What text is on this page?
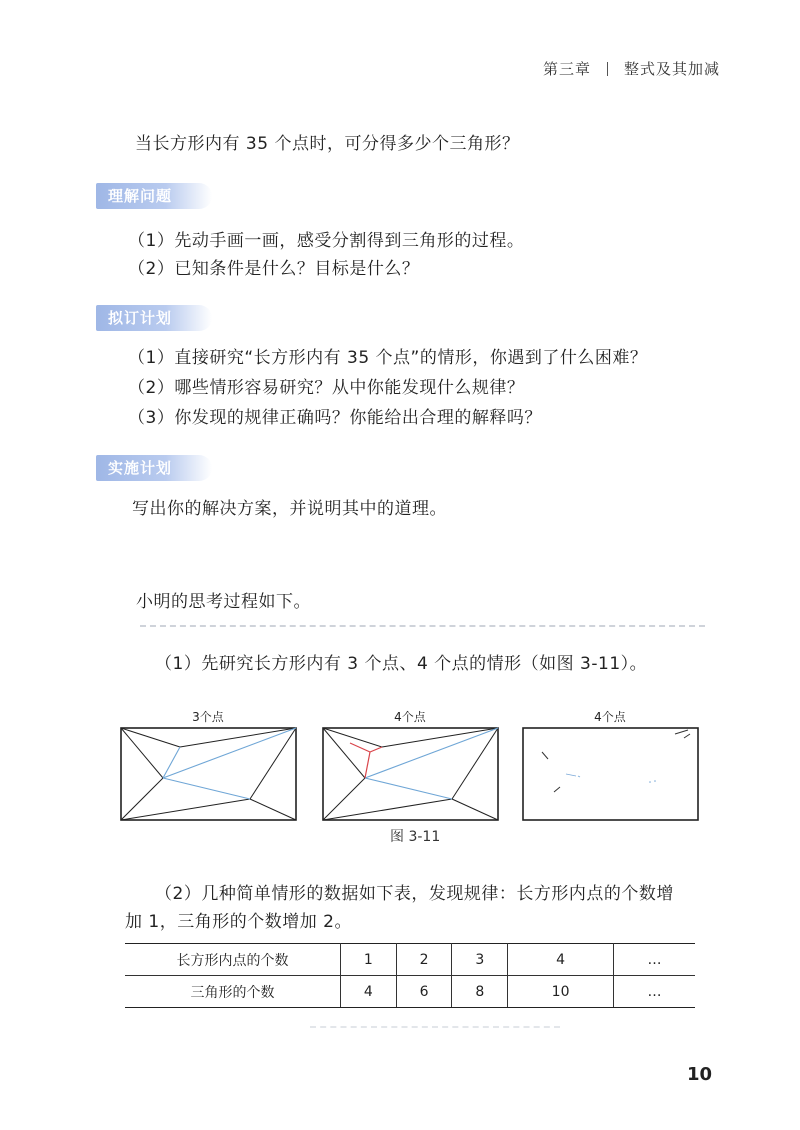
第三章 整式及其加减
当长方形内有 35 个点时，可分得多少个三角形？
理解问题
（1）先动手画一画，感受分割得到三角形的过程。
（2）已知条件是什么？目标是什么？
拟订计划
（1）直接研究“长方形内有 35 个点”的情形，你遇到了什么困难？
（2）哪些情形容易研究？从中你能发现什么规律？
（3）你发现的规律正确吗？你能给出合理的解释吗？
实施计划
写出你的解决方案，并说明其中的道理。
小明的思考过程如下。
（1）先研究长方形内有 3 个点、4 个点的情形（如图 3-11）。
3个点	4个点	4个点
图 3-11
（2）几种简单情形的数据如下表，发现规律：长方形内点的个数增
加 1，三角形的个数增加 2。
长方形内点的个数	1	2	3	4	…
三角形的个数	4	6	8	10	…
10
